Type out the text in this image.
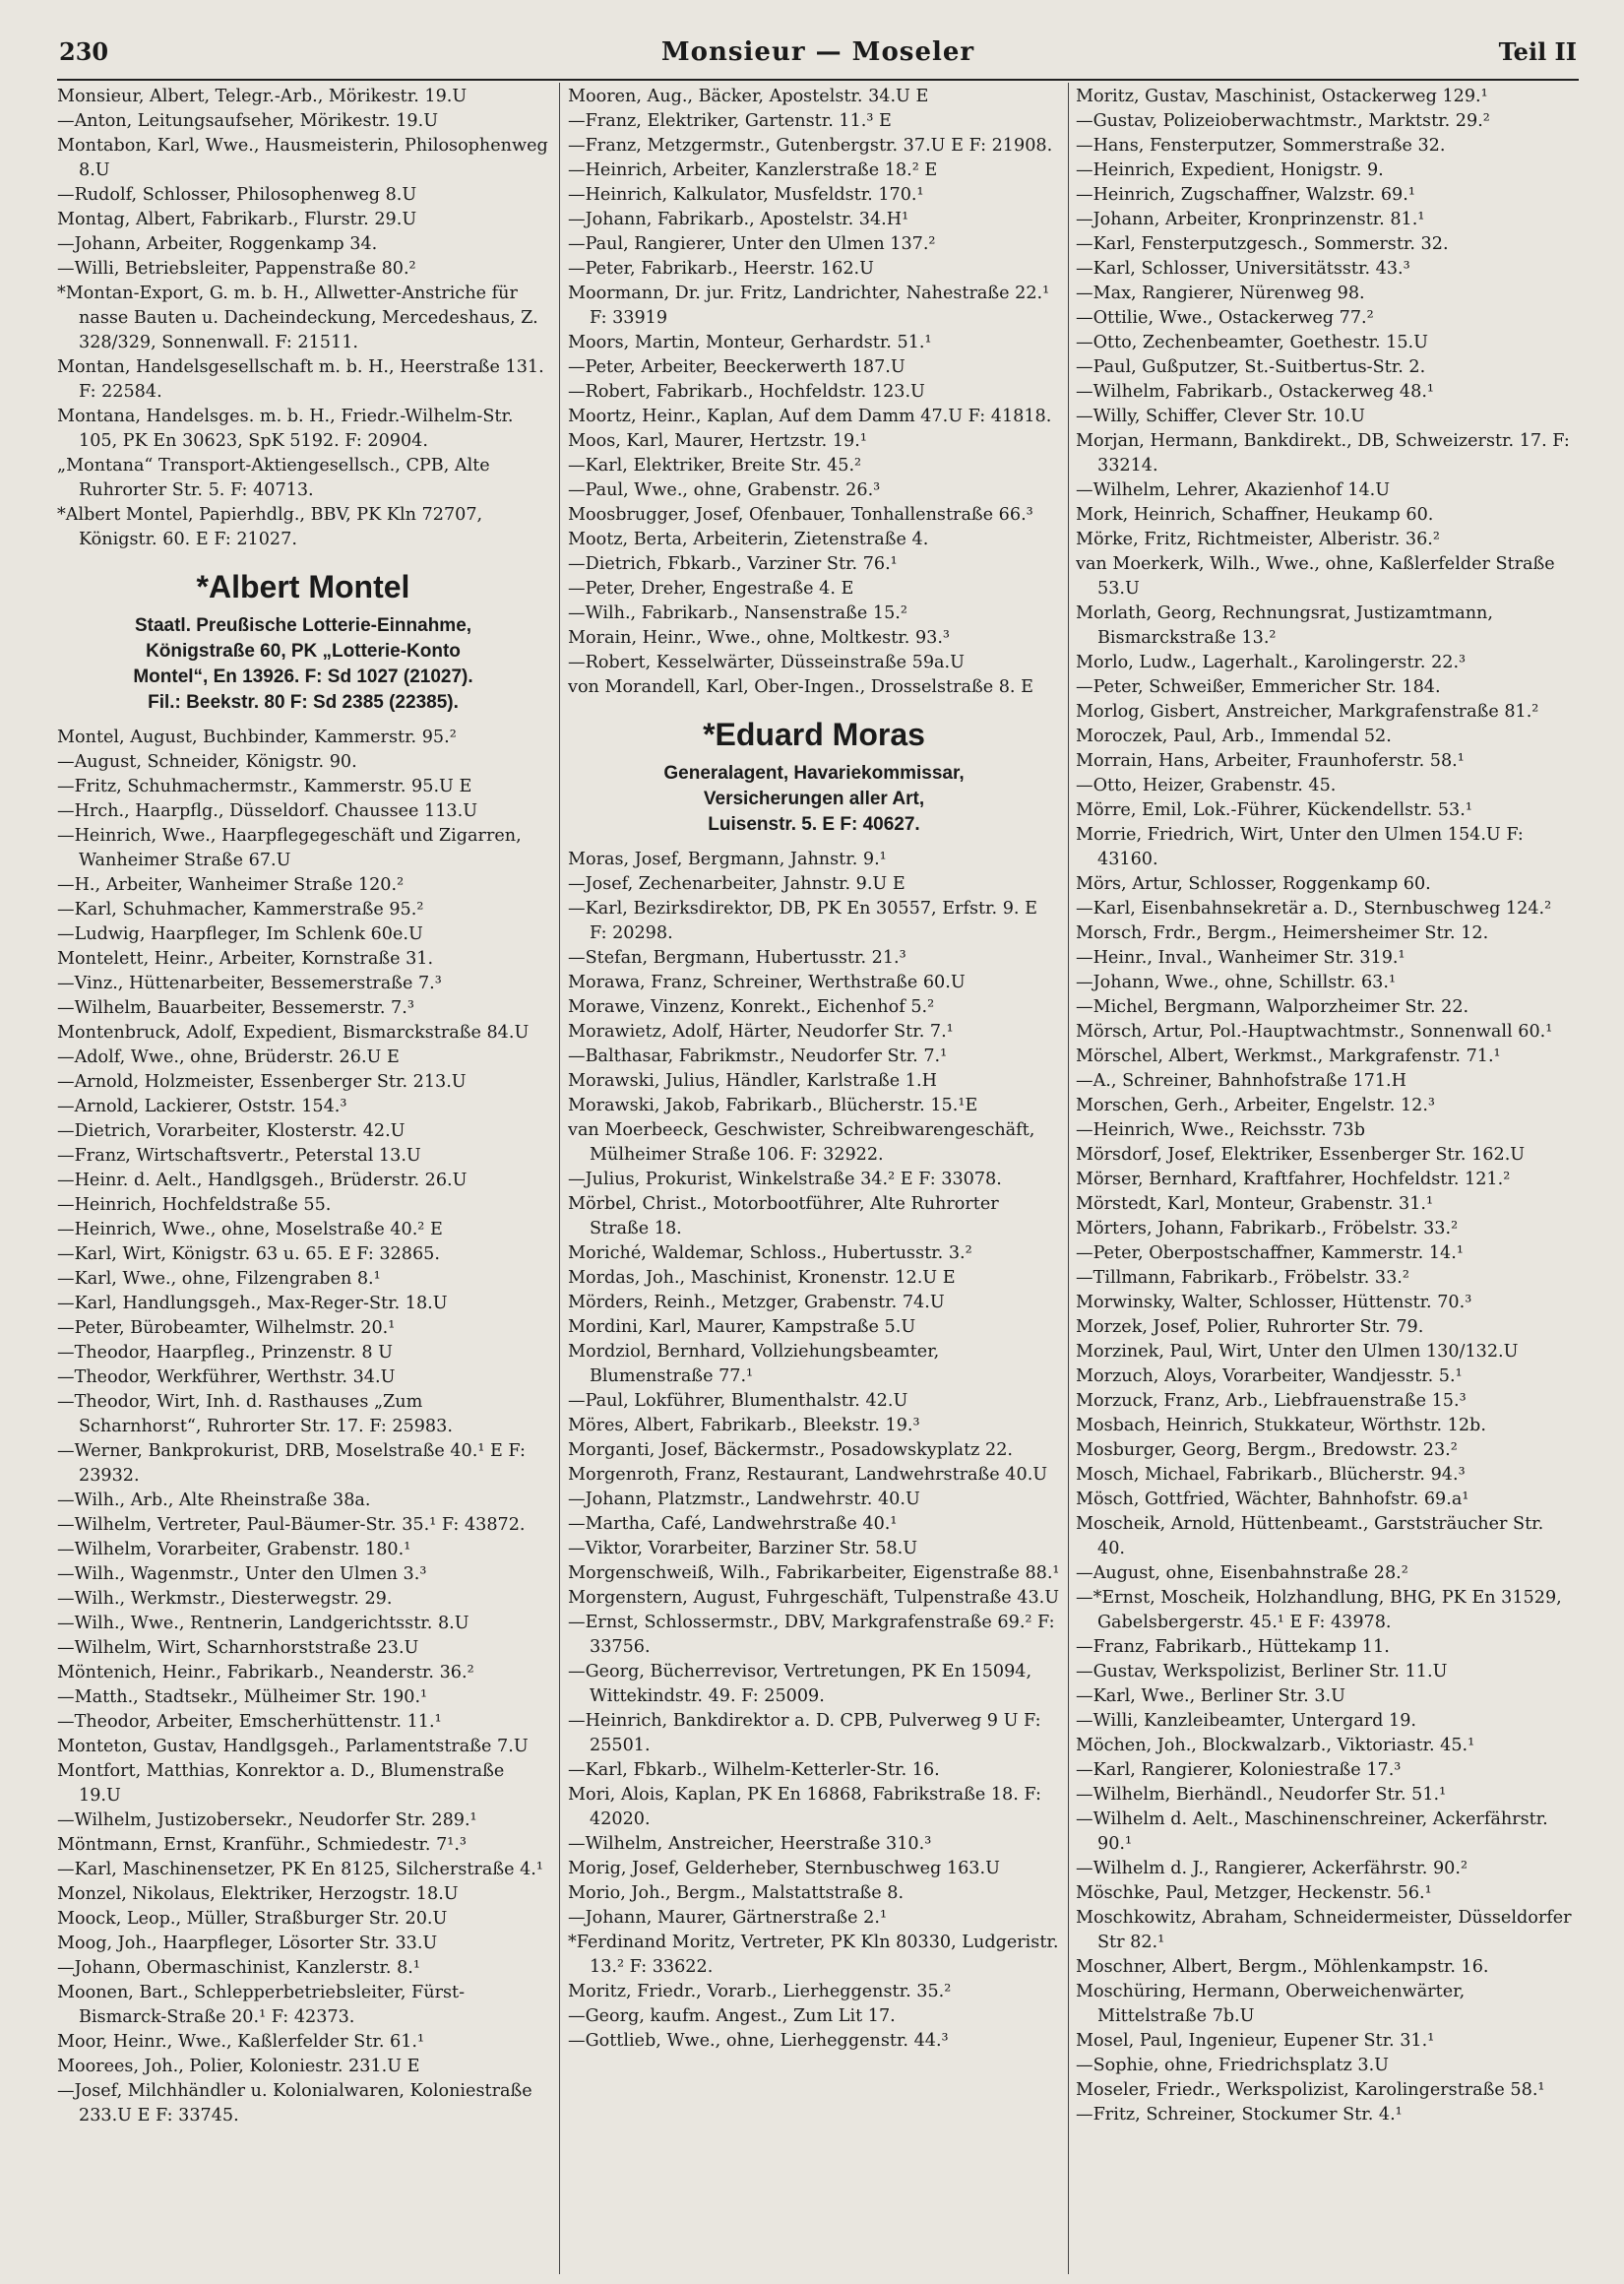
230	Monsieur — Moseler	Teil II
Monsieur, Albert, Telegr.-Arb., Mörikestr. 19.U
—Anton, Leitungsaufseher, Mörikestr. 19.U
Montabon, Karl, Wwe., Hausmeisterin, Philosophenweg 8.U
—Rudolf, Schlosser, Philosophenweg 8.U
Montag, Albert, Fabrikarb., Flurstr. 29.U
—Johann, Arbeiter, Roggenkamp 34.
—Willi, Betriebsleiter, Pappenstraße 80.²
*Montan-Export, G. m. b. H., Allwetter-Anstriche für nasse Bauten u. Dacheindeckung, Mercedeshaus, Z. 328/329, Sonnenwall. F: 21511.
Montan, Handelsgesellschaft m. b. H., Heerstraße 131. F: 22584.
Montana, Handelsges. m. b. H., Friedr.-Wilhelm-Str. 105, PK En 30623, SpK 5192. F: 20904.
„Montana“ Transport-Aktiengesellsch., CPB, Alte Ruhrorter Str. 5. F: 40713.
*Albert Montel, Papierhdlg., BBV, PK Kln 72707, Königstr. 60. E F: 21027.
*Albert Montel
Staatl. Preußische Lotterie-Einnahme,
Königstraße 60, PK „Lotterie-Konto
Montel“, En 13926. F: Sd 1027 (21027).
Fil.: Beekstr. 80 F: Sd 2385 (22385).
Montel, August, Buchbinder, Kammerstr. 95.²
—August, Schneider, Königstr. 90.
—Fritz, Schuhmachermstr., Kammerstr. 95.U E
—Hrch., Haarpflg., Düsseldorf. Chaussee 113.U
—Heinrich, Wwe., Haarpflegegeschäft und Zigarren, Wanheimer Straße 67.U
—H., Arbeiter, Wanheimer Straße 120.²
—Karl, Schuhmacher, Kammerstraße 95.²
—Ludwig, Haarpfleger, Im Schlenk 60e.U
Montelett, Heinr., Arbeiter, Kornstraße 31.
—Vinz., Hüttenarbeiter, Bessemerstraße 7.³
—Wilhelm, Bauarbeiter, Bessemerstr. 7.³
Montenbruck, Adolf, Expedient, Bismarckstraße 84.U
—Adolf, Wwe., ohne, Brüderstr. 26.U E
—Arnold, Holzmeister, Essenberger Str. 213.U
—Arnold, Lackierer, Oststr. 154.³
—Dietrich, Vorarbeiter, Klosterstr. 42.U
—Franz, Wirtschaftsvertr., Peterstal 13.U
—Heinr. d. Aelt., Handlgsgeh., Brüderstr. 26.U
—Heinrich, Hochfeldstraße 55.
—Heinrich, Wwe., ohne, Moselstraße 40.² E
—Karl, Wirt, Königstr. 63 u. 65. E F: 32865.
—Karl, Wwe., ohne, Filzengraben 8.¹
—Karl, Handlungsgeh., Max-Reger-Str. 18.U
—Peter, Bürobeamter, Wilhelmstr. 20.¹
—Theodor, Haarpfleg., Prinzenstr. 8 U
—Theodor, Werkführer, Werthstr. 34.U
—Theodor, Wirt, Inh. d. Rasthauses „Zum Scharnhorst“, Ruhrorter Str. 17. F: 25983.
—Werner, Bankprokurist, DRB, Moselstraße 40.¹ E F: 23932.
—Wilh., Arb., Alte Rheinstraße 38a.
—Wilhelm, Vertreter, Paul-Bäumer-Str. 35.¹ F: 43872.
—Wilhelm, Vorarbeiter, Grabenstr. 180.¹
—Wilh., Wagenmstr., Unter den Ulmen 3.³
—Wilh., Werkmstr., Diesterwegstr. 29.
—Wilh., Wwe., Rentnerin, Landgerichtsstr. 8.U
—Wilhelm, Wirt, Scharnhorststraße 23.U
Möntenich, Heinr., Fabrikarb., Neanderstr. 36.²
—Matth., Stadtsekr., Mülheimer Str. 190.¹
—Theodor, Arbeiter, Emscherhüttenstr. 11.¹
Monteton, Gustav, Handlgsgeh., Parlamentstraße 7.U
Montfort, Matthias, Konrektor a. D., Blumenstraße 19.U
—Wilhelm, Justizobersekr., Neudorfer Str. 289.¹
Möntmann, Ernst, Kranführ., Schmiedestr. 7¹.³
—Karl, Maschinensetzer, PK En 8125, Silcherstraße 4.¹
Monzel, Nikolaus, Elektriker, Herzogstr. 18.U
Moock, Leop., Müller, Straßburger Str. 20.U
Moog, Joh., Haarpfleger, Lösorter Str. 33.U
—Johann, Obermaschinist, Kanzlerstr. 8.¹
Moonen, Bart., Schlepperbetriebsleiter, Fürst-Bismarck-Straße 20.¹ F: 42373.
Moor, Heinr., Wwe., Kaßlerfelder Str. 61.¹
Moorees, Joh., Polier, Koloniestr. 231.U E
—Josef, Milchhändler u. Kolonialwaren, Koloniestraße 233.U E F: 33745.
Mooren, Aug., Bäcker, Apostelstr. 34.U E
—Franz, Elektriker, Gartenstr. 11.³ E
—Franz, Metzgermstr., Gutenbergstr. 37.U E F: 21908.
—Heinrich, Arbeiter, Kanzlerstraße 18.² E
—Heinrich, Kalkulator, Musfeldstr. 170.¹
—Johann, Fabrikarb., Apostelstr. 34.H¹
—Paul, Rangierer, Unter den Ulmen 137.²
—Peter, Fabrikarb., Heerstr. 162.U
Moormann, Dr. jur. Fritz, Landrichter, Nahestraße 22.¹ F: 33919
Moors, Martin, Monteur, Gerhardstr. 51.¹
—Peter, Arbeiter, Beeckerwerth 187.U
—Robert, Fabrikarb., Hochfeldstr. 123.U
Moortz, Heinr., Kaplan, Auf dem Damm 47.U F: 41818.
Moos, Karl, Maurer, Hertzstr. 19.¹
—Karl, Elektriker, Breite Str. 45.²
—Paul, Wwe., ohne, Grabenstr. 26.³
Moosbrugger, Josef, Ofenbauer, Tonhallenstraße 66.³
Mootz, Berta, Arbeiterin, Zietenstraße 4.
—Dietrich, Fbkarb., Varziner Str. 76.¹
—Peter, Dreher, Engestraße 4. E
—Wilh., Fabrikarb., Nansenstraße 15.²
Morain, Heinr., Wwe., ohne, Moltkestr. 93.³
—Robert, Kesselwärter, Düsseinstraße 59a.U
von Morandell, Karl, Ober-Ingen., Drosselstraße 8. E
*Eduard Moras
Generalagent, Havariekommissar,
Versicherungen aller Art,
Luisenstr. 5. E F: 40627.
Moras, Josef, Bergmann, Jahnstr. 9.¹
—Josef, Zechenarbeiter, Jahnstr. 9.U E
—Karl, Bezirksdirektor, DB, PK En 30557, Erfstr. 9. E F: 20298.
—Stefan, Bergmann, Hubertusstr. 21.³
Morawa, Franz, Schreiner, Werthstraße 60.U
Morawe, Vinzenz, Konrekt., Eichenhof 5.²
Morawietz, Adolf, Härter, Neudorfer Str. 7.¹
—Balthasar, Fabrikmstr., Neudorfer Str. 7.¹
Morawski, Julius, Händler, Karlstraße 1.H
Morawski, Jakob, Fabrikarb., Blücherstr. 15.¹E
van Moerbeeck, Geschwister, Schreibwarengeschäft, Mülheimer Straße 106. F: 32922.
—Julius, Prokurist, Winkelstraße 34.² E F: 33078.
Mörbel, Christ., Motorbootführer, Alte Ruhrorter Straße 18.
Moriché, Waldemar, Schloss., Hubertusstr. 3.²
Mordas, Joh., Maschinist, Kronenstr. 12.U E
Mörders, Reinh., Metzger, Grabenstr. 74.U
Mordini, Karl, Maurer, Kampstraße 5.U
Mordziol, Bernhard, Vollziehungsbeamter, Blumenstraße 77.¹
—Paul, Lokführer, Blumenthalstr. 42.U
Möres, Albert, Fabrikarb., Bleekstr. 19.³
Morganti, Josef, Bäckermstr., Posadowskyplatz 22.
Morgenroth, Franz, Restaurant, Landwehrstraße 40.U
—Johann, Platzmstr., Landwehrstr. 40.U
—Martha, Café, Landwehrstraße 40.¹
—Viktor, Vorarbeiter, Barziner Str. 58.U
Morgenschweiß, Wilh., Fabrikarbeiter, Eigenstraße 88.¹
Morgenstern, August, Fuhrgeschäft, Tulpenstraße 43.U
—Ernst, Schlossermstr., DBV, Markgrafenstraße 69.² F: 33756.
—Georg, Bücherrevisor, Vertretungen, PK En 15094, Wittekindstr. 49. F: 25009.
—Heinrich, Bankdirektor a. D. CPB, Pulverweg 9 U F: 25501.
—Karl, Fbkarb., Wilhelm-Ketterler-Str. 16.
Mori, Alois, Kaplan, PK En 16868, Fabrikstraße 18. F: 42020.
—Wilhelm, Anstreicher, Heerstraße 310.³
Morig, Josef, Gelderheber, Sternbuschweg 163.U
Morio, Joh., Bergm., Malstattstraße 8.
—Johann, Maurer, Gärtnerstraße 2.¹
*Ferdinand Moritz, Vertreter, PK Kln 80330, Ludgeristr. 13.² F: 33622.
Moritz, Friedr., Vorarb., Lierheggenstr. 35.²
—Georg, kaufm. Angest., Zum Lit 17.
—Gottlieb, Wwe., ohne, Lierheggenstr. 44.³
Moritz, Gustav, Maschinist, Ostackerweg 129.¹
—Gustav, Polizeioberwachtmstr., Marktstr. 29.²
—Hans, Fensterputzer, Sommerstraße 32.
—Heinrich, Expedient, Honigstr. 9.
—Heinrich, Zugschaffner, Walzstr. 69.¹
—Johann, Arbeiter, Kronprinzenstr. 81.¹
—Karl, Fensterputzgesch., Sommerstr. 32.
—Karl, Schlosser, Universitätsstr. 43.³
—Max, Rangierer, Nürenweg 98.
—Ottilie, Wwe., Ostackerweg 77.²
—Otto, Zechenbeamter, Goethestr. 15.U
—Paul, Gußputzer, St.-Suitbertus-Str. 2.
—Wilhelm, Fabrikarb., Ostackerweg 48.¹
—Willy, Schiffer, Clever Str. 10.U
Morjan, Hermann, Bankdirekt., DB, Schweizerstr. 17. F: 33214.
—Wilhelm, Lehrer, Akazienhof 14.U
Mork, Heinrich, Schaffner, Heukamp 60.
Mörke, Fritz, Richtmeister, Alberistr. 36.²
van Moerkerk, Wilh., Wwe., ohne, Kaßlerfelder Straße 53.U
Morlath, Georg, Rechnungsrat, Justizamtmann, Bismarckstraße 13.²
Morlo, Ludw., Lagerhalt., Karolingerstr. 22.³
—Peter, Schweißer, Emmericher Str. 184.
Morlog, Gisbert, Anstreicher, Markgrafenstraße 81.²
Moroczek, Paul, Arb., Immendal 52.
Morrain, Hans, Arbeiter, Fraunhoferstr. 58.¹
—Otto, Heizer, Grabenstr. 45.
Mörre, Emil, Lok.-Führer, Kückendellstr. 53.¹
Morrie, Friedrich, Wirt, Unter den Ulmen 154.U F: 43160.
Mörs, Artur, Schlosser, Roggenkamp 60.
—Karl, Eisenbahnsekretär a. D., Sternbuschweg 124.²
Morsch, Frdr., Bergm., Heimersheimer Str. 12.
—Heinr., Inval., Wanheimer Str. 319.¹
—Johann, Wwe., ohne, Schillstr. 63.¹
—Michel, Bergmann, Walporzheimer Str. 22.
Mörsch, Artur, Pol.-Hauptwachtmstr., Sonnenwall 60.¹
Mörschel, Albert, Werkmst., Markgrafenstr. 71.¹
—A., Schreiner, Bahnhofstraße 171.H
Morschen, Gerh., Arbeiter, Engelstr. 12.³
—Heinrich, Wwe., Reichsstr. 73b
Mörsdorf, Josef, Elektriker, Essenberger Str. 162.U
Mörser, Bernhard, Kraftfahrer, Hochfeldstr. 121.²
Mörstedt, Karl, Monteur, Grabenstr. 31.¹
Mörters, Johann, Fabrikarb., Fröbelstr. 33.²
—Peter, Oberpostschaffner, Kammerstr. 14.¹
—Tillmann, Fabrikarb., Fröbelstr. 33.²
Morwinsky, Walter, Schlosser, Hüttenstr. 70.³
Morzek, Josef, Polier, Ruhrorter Str. 79.
Morzinek, Paul, Wirt, Unter den Ulmen 130/132.U
Morzuch, Aloys, Vorarbeiter, Wandjesstr. 5.¹
Morzuck, Franz, Arb., Liebfrauenstraße 15.³
Mosbach, Heinrich, Stukkateur, Wörthstr. 12b.
Mosburger, Georg, Bergm., Bredowstr. 23.²
Mosch, Michael, Fabrikarb., Blücherstr. 94.³
Mösch, Gottfried, Wächter, Bahnhofstr. 69.a¹
Moscheik, Arnold, Hüttenbeamt., Garststräucher Str. 40.
—August, ohne, Eisenbahnstraße 28.²
—*Ernst, Moscheik, Holzhandlung, BHG, PK En 31529, Gabelsbergerstr. 45.¹ E F: 43978.
—Franz, Fabrikarb., Hüttekamp 11.
—Gustav, Werkspolizist, Berliner Str. 11.U
—Karl, Wwe., Berliner Str. 3.U
—Willi, Kanzleibeamter, Untergard 19.
Möchen, Joh., Blockwalzarb., Viktoriastr. 45.¹
—Karl, Rangierer, Koloniestraße 17.³
—Wilhelm, Bierhändl., Neudorfer Str. 51.¹
—Wilhelm d. Aelt., Maschinenschreiner, Ackerfährstr. 90.¹
—Wilhelm d. J., Rangierer, Ackerfährstr. 90.²
Möschke, Paul, Metzger, Heckenstr. 56.¹
Moschkowitz, Abraham, Schneidermeister, Düsseldorfer Str 82.¹
Moschner, Albert, Bergm., Möhlenkampstr. 16.
Moschüring, Hermann, Oberweichenwärter, Mittelstraße 7b.U
Mosel, Paul, Ingenieur, Eupener Str. 31.¹
—Sophie, ohne, Friedrichsplatz 3.U
Moseler, Friedr., Werkspolizist, Karolingerstraße 58.¹
—Fritz, Schreiner, Stockumer Str. 4.¹
